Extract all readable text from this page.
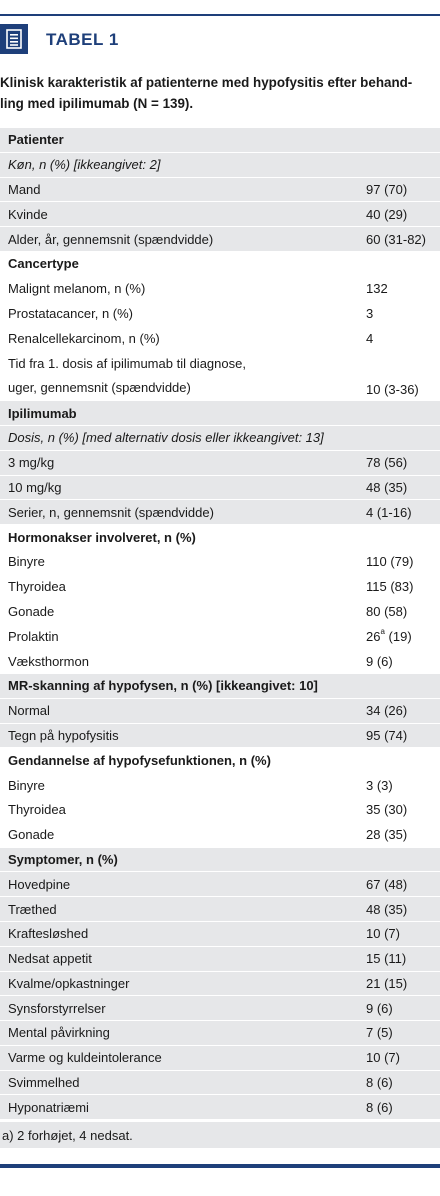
TABEL 1
Klinisk karakteristik af patienterne med hypofysitis efter behand-
ling med ipilimumab (N = 139).
Patienter
Køn, n (%) [ikkeangivet: 2]
Mand	97 (70)
Kvinde	40 (29)
Alder, år, gennemsnit (spændvidde)	60 (31-82)
Cancertype
Malignt melanom, n (%)	132
Prostatacancer, n (%)	3
Renalcellekarcinom, n (%)	4
Tid fra 1. dosis af ipilimumab til diagnose,
uger, gennemsnit (spændvidde)	10 (3-36)
Ipilimumab
Dosis, n (%) [med alternativ dosis eller ikkeangivet: 13]
3 mg/kg	78 (56)
10 mg/kg	48 (35)
Serier, n, gennemsnit (spændvidde)	4 (1-16)
Hormonakser involveret, n (%)
Binyre	110 (79)
Thyroidea	115 (83)
Gonade	80 (58)
Prolaktin	26$^a$ (19)
Væksthormon	9 (6)
MR-skanning af hypofysen, n (%) [ikkeangivet: 10]
Normal	34 (26)
Tegn på hypofysitis	95 (74)
Gendannelse af hypofysefunktionen, n (%)
Binyre	3 (3)
Thyroidea	35 (30)
Gonade	28 (35)
Symptomer, n (%)
Hovedpine	67 (48)
Træthed	48 (35)
Kraftesløshed	10 (7)
Nedsat appetit	15 (11)
Kvalme/opkastninger	21 (15)
Synsforstyrrelser	9 (6)
Mental påvirkning	7 (5)
Varme og kuldeintolerance	10 (7)
Svimmelhed	8 (6)
Hyponatriæmi	8 (6)
a) 2 forhøjet, 4 nedsat.
